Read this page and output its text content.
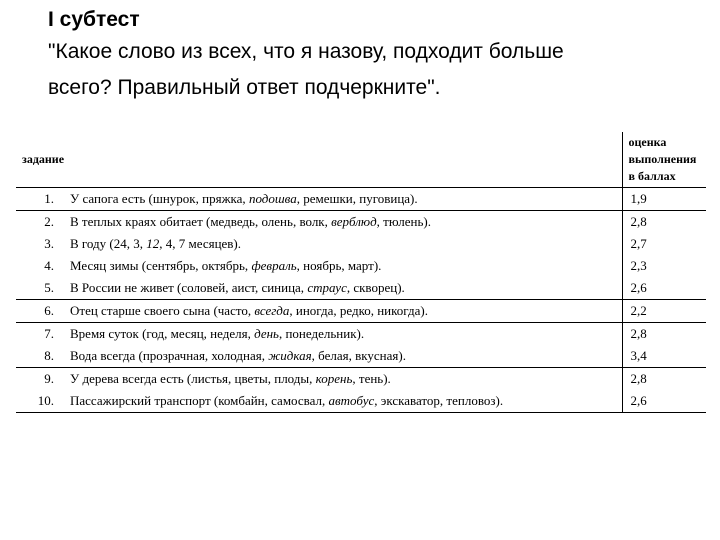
I субтест
"Какое слово из всех, что я назову, подходит больше
всего? Правильный ответ подчеркните".
задание		оценка
выполнения
в баллах

1.	У сапога есть (шнурок, пряжка, подошва, ремешки, пуговица).	1,9
2.	В теплых краях обитает (медведь, олень, волк, верблюд, тюлень).	2,8
3.	В году (24, 3, 12, 4, 7 месяцев).	2,7
4.	Месяц зимы (сентябрь, октябрь, февраль, ноябрь, март).	2,3
5.	В России не живет (соловей, аист, синица, страус, скворец).	2,6
6.	Отец старше своего сына (часто, всегда, иногда, редко, никогда).	2,2
7.	Время суток (год, месяц, неделя, день, понедельник).	2,8
8.	Вода всегда (прозрачная, холодная, жидкая, белая, вкусная).	3,4
9.	У дерева всегда есть (листья, цветы, плоды, корень, тень).	2,8
10.	Пассажирский транспорт (комбайн, самосвал, автобус, экскаватор, тепловоз).	2,6
